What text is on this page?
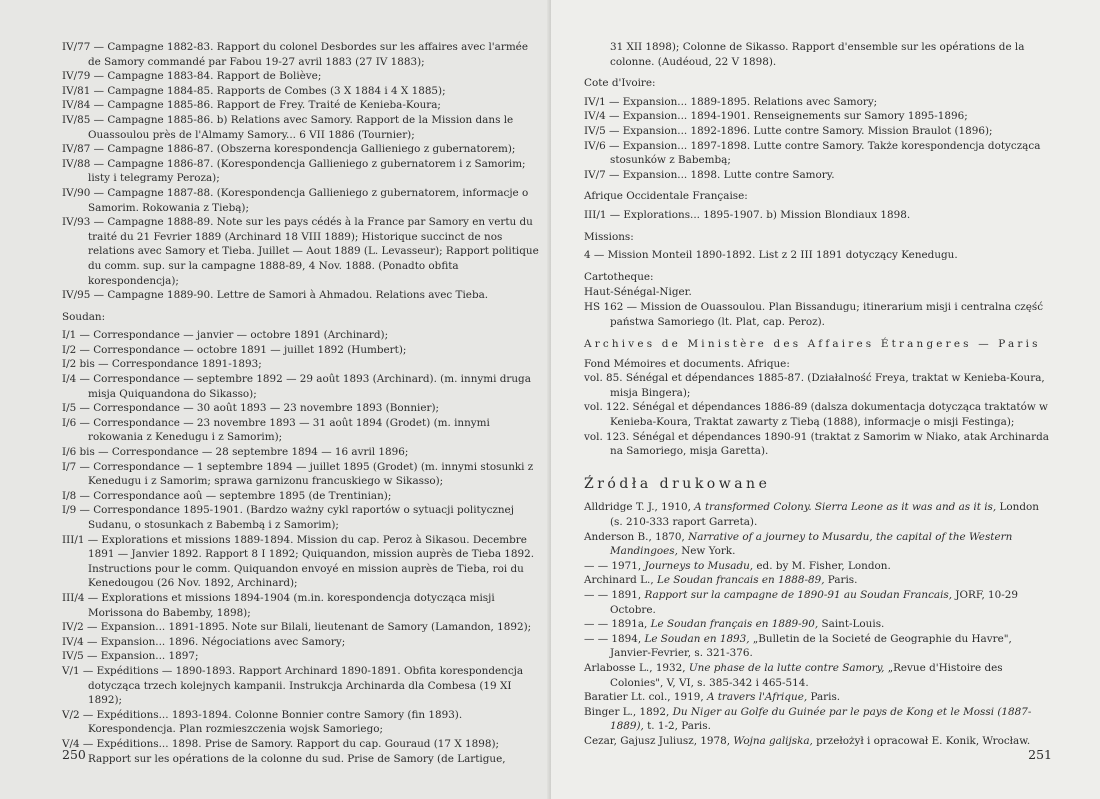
IV/77 — Campagne 1882-83. Rapport du colonel Desbordes sur les affaires avec l'armée de Samory commandé par Fabou 19-27 avril 1883 (27 IV 1883);

IV/79 — Campagne 1883-84. Rapport de Boliève;

IV/81 — Campagne 1884-85. Rapports de Combes (3 X 1884 i 4 X 1885);

IV/84 — Campagne 1885-86. Rapport de Frey. Traité de Kenieba-Koura;

IV/85 — Campagne 1885-86. b) Relations avec Samory. Rapport de la Mission dans le Ouassoulou près de l'Almamy Samory... 6 VII 1886 (Tournier);

IV/87 — Campagne 1886-87. (Obszerna korespondencja Gallieniego z gubernatorem);

IV/88 — Campagne 1886-87. (Korespondencja Gallieniego z gubernatorem i z Samorim; listy i telegramy Peroza);

IV/90 — Campagne 1887-88. (Korespondencja Gallieniego z gubernatorem, informacje o Samorim. Rokowania z Tiebą);

IV/93 — Campagne 1888-89. Note sur les pays cédés à la France par Samory en vertu du traité du 21 Fevrier 1889 (Archinard 18 VIII 1889); Historique succinct de nos relations avec Samory et Tieba. Juillet — Aout 1889 (L. Levasseur); Rapport politique du comm. sup. sur la campagne 1888-89, 4 Nov. 1888. (Ponadto obfita korespondencja);

IV/95 — Campagne 1889-90. Lettre de Samori à Ahmadou. Relations avec Tieba.

Soudan:

I/1 — Correspondance — janvier — octobre 1891 (Archinard);

I/2 — Correspondance — octobre 1891 — juillet 1892 (Humbert);

I/2 bis — Correspondance 1891-1893;

I/4 — Correspondance — septembre 1892 — 29 août 1893 (Archinard). (m. innymi druga misja Quiquandona do Sikasso);

I/5 — Correspondance — 30 août 1893 — 23 novembre 1893 (Bonnier);

I/6 — Correspondance — 23 novembre 1893 — 31 août 1894 (Grodet) (m. innymi rokowania z Kenedugu i z Samorim);

I/6 bis — Correspondance — 28 septembre 1894 — 16 avril 1896;

I/7 — Correspondance — 1 septembre 1894 — juillet 1895 (Grodet) (m. innymi stosunki z Kenedugu i z Samorim; sprawa garnizonu francuskiego w Sikasso);

I/8 — Correspondance aoû — septembre 1895 (de Trentinian);

I/9 — Correspondance 1895-1901. (Bardzo ważny cykl raportów o sytuacji politycznej Sudanu, o stosunkach z Babembą i z Samorim);

III/1 — Explorations et missions 1889-1894. Mission du cap. Peroz à Sikasou. Decembre 1891 — Janvier 1892. Rapport 8 I 1892; Quiquandon, mission auprès de Tieba 1892. Instructions pour le comm. Quiquandon envoyé en mission auprès de Tieba, roi du Kenedougou (26 Nov. 1892, Archinard);

III/4 — Explorations et missions 1894-1904 (m.in. korespondencja dotycząca misji Morissona do Babemby, 1898);

IV/2 — Expansion... 1891-1895. Note sur Bilali, lieutenant de Samory (Lamandon, 1892);

IV/4 — Expansion... 1896. Négociations avec Samory;

IV/5 — Expansion... 1897;

V/1 — Expéditions — 1890-1893. Rapport Archinard 1890-1891. Obfita korespondencja dotycząca trzech kolejnych kampanii. Instrukcja Archinarda dla Combesa (19 XI 1892);

V/2 — Expéditions... 1893-1894. Colonne Bonnier contre Samory (fin 1893). Korespondencja. Plan rozmieszczenia wojsk Samoriego;

V/4 — Expéditions... 1898. Prise de Samory. Rapport du cap. Gouraud (17 X 1898); Rapport sur les opérations de la colonne du sud. Prise de Samory (de Lartigue,

250

31 XII 1898); Colonne de Sikasso. Rapport d'ensemble sur les opérations de la colonne. (Audéoud, 22 V 1898).

Cote d'Ivoire:

IV/1 — Expansion... 1889-1895. Relations avec Samory;

IV/4 — Expansion... 1894-1901. Renseignements sur Samory 1895-1896;

IV/5 — Expansion... 1892-1896. Lutte contre Samory. Mission Braulot (1896);

IV/6 — Expansion... 1897-1898. Lutte contre Samory. Także korespondencja dotycząca stosunków z Babembą;

IV/7 — Expansion... 1898. Lutte contre Samory.

Afrique Occidentale Française:

III/1 — Explorations... 1895-1907. b) Mission Blondiaux 1898.

Missions:

4 — Mission Monteil 1890-1892. List z 2 III 1891 dotyczący Kenedugu.

Cartotheque:

Haut-Sénégal-Niger.

HS 162 — Mission de Ouassoulou. Plan Bissandugu; itinerarium misji i centralna część państwa Samoriego (lt. Plat, cap. Peroz).

Archives de Ministère des Affaires Étrangeres — Paris

Fond Mémoires et documents. Afrique:

vol. 85. Sénégal et dépendances 1885-87. (Działalność Freya, traktat w Kenieba-Koura, misja Bingera);

vol. 122. Sénégal et dépendances 1886-89 (dalsza dokumentacja dotycząca traktatów w Kenieba-Koura, Traktat zawarty z Tiebą (1888), informacje o misji Festinga);

vol. 123. Sénégal et dépendances 1890-91 (traktat z Samorim w Niako, atak Archinarda na Samoriego, misja Garetta).

Źródła drukowane

Alldridge T. J., 1910, A transformed Colony. Sierra Leone as it was and as it is, London (s. 210-333 raport Garreta).

Anderson B., 1870, Narrative of a journey to Musardu, the capital of the Western Mandingoes, New York.

— — 1971, Journeys to Musadu, ed. by M. Fisher, London.

Archinard L., Le Soudan francais en 1888-89, Paris.

— — 1891, Rapport sur la campagne de 1890-91 au Soudan Francais, JORF, 10-29 Octobre.

— — 1891a, Le Soudan français en 1889-90, Saint-Louis.

— — 1894, Le Soudan en 1893, „Bulletin de la Societé de Geographie du Havre", Janvier-Fevrier, s. 321-376.

Arlabosse L., 1932, Une phase de la lutte contre Samory, „Revue d'Histoire des Colonies", V, VI, s. 385-342 i 465-514.

Baratier Lt. col., 1919, A travers l'Afrique, Paris.

Binger L., 1892, Du Niger au Golfe du Guinée par le pays de Kong et le Mossi (1887-1889), t. 1-2, Paris.

Cezar, Gajusz Juliusz, 1978, Wojna galijska, przełożył i opracował E. Konik, Wrocław.

251
